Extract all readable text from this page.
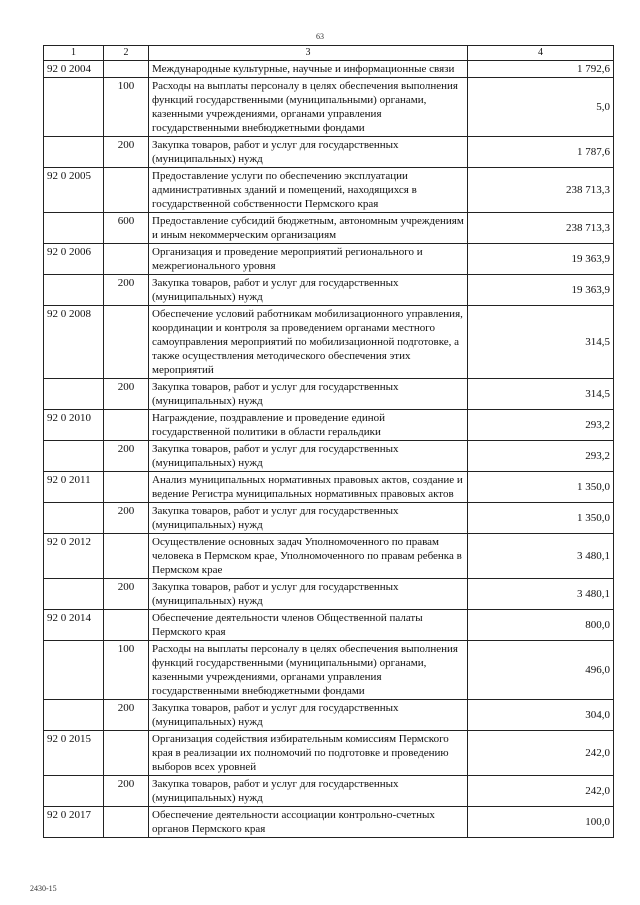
63
1	2	3	4
92 0 2004		Международные культурные, научные и информационные связи	1 792,6
	100	Расходы на выплаты персоналу в целях обеспечения выполнения функций государственными (муниципальными) органами, казенными учреждениями, органами управления государственными внебюджетными фондами	5,0
	200	Закупка товаров, работ и услуг для государственных (муниципальных) нужд	1 787,6
92 0 2005		Предоставление услуги по обеспечению эксплуатации административных зданий и помещений, находящихся в государственной собственности Пермского края	238 713,3
	600	Предоставление субсидий бюджетным, автономным учреждениям и иным некоммерческим организациям	238 713,3
92 0 2006		Организация и проведение мероприятий регионального и межрегионального уровня	19 363,9
	200	Закупка товаров, работ и услуг для государственных (муниципальных) нужд	19 363,9
92 0 2008		Обеспечение условий работникам мобилизационного управления, координации и контроля за проведением органами местного самоуправления мероприятий по мобилизационной подготовке, а также осуществления методического обеспечения этих мероприятий	314,5
	200	Закупка товаров, работ и услуг для государственных (муниципальных) нужд	314,5
92 0 2010		Награждение, поздравление и проведение единой государственной политики в области геральдики	293,2
	200	Закупка товаров, работ и услуг для государственных (муниципальных) нужд	293,2
92 0 2011		Анализ муниципальных нормативных правовых актов, создание и ведение Регистра муниципальных нормативных правовых актов	1 350,0
	200	Закупка товаров, работ и услуг для государственных (муниципальных) нужд	1 350,0
92 0 2012		Осуществление основных задач Уполномоченного по правам человека в Пермском крае, Уполномоченного по правам ребенка в Пермском крае	3 480,1
	200	Закупка товаров, работ и услуг для государственных (муниципальных) нужд	3 480,1
92 0 2014		Обеспечение деятельности членов Общественной палаты Пермского края	800,0
	100	Расходы на выплаты персоналу в целях обеспечения выполнения функций государственными (муниципальными) органами, казенными учреждениями, органами управления государственными внебюджетными фондами	496,0
	200	Закупка товаров, работ и услуг для государственных (муниципальных) нужд	304,0
92 0 2015		Организация содействия избирательным комиссиям Пермского края в реализации их полномочий по подготовке и проведению выборов всех уровней	242,0
	200	Закупка товаров, работ и услуг для государственных (муниципальных) нужд	242,0
92 0 2017		Обеспечение деятельности ассоциации контрольно-счетных органов Пермского края	100,0
2430-15
